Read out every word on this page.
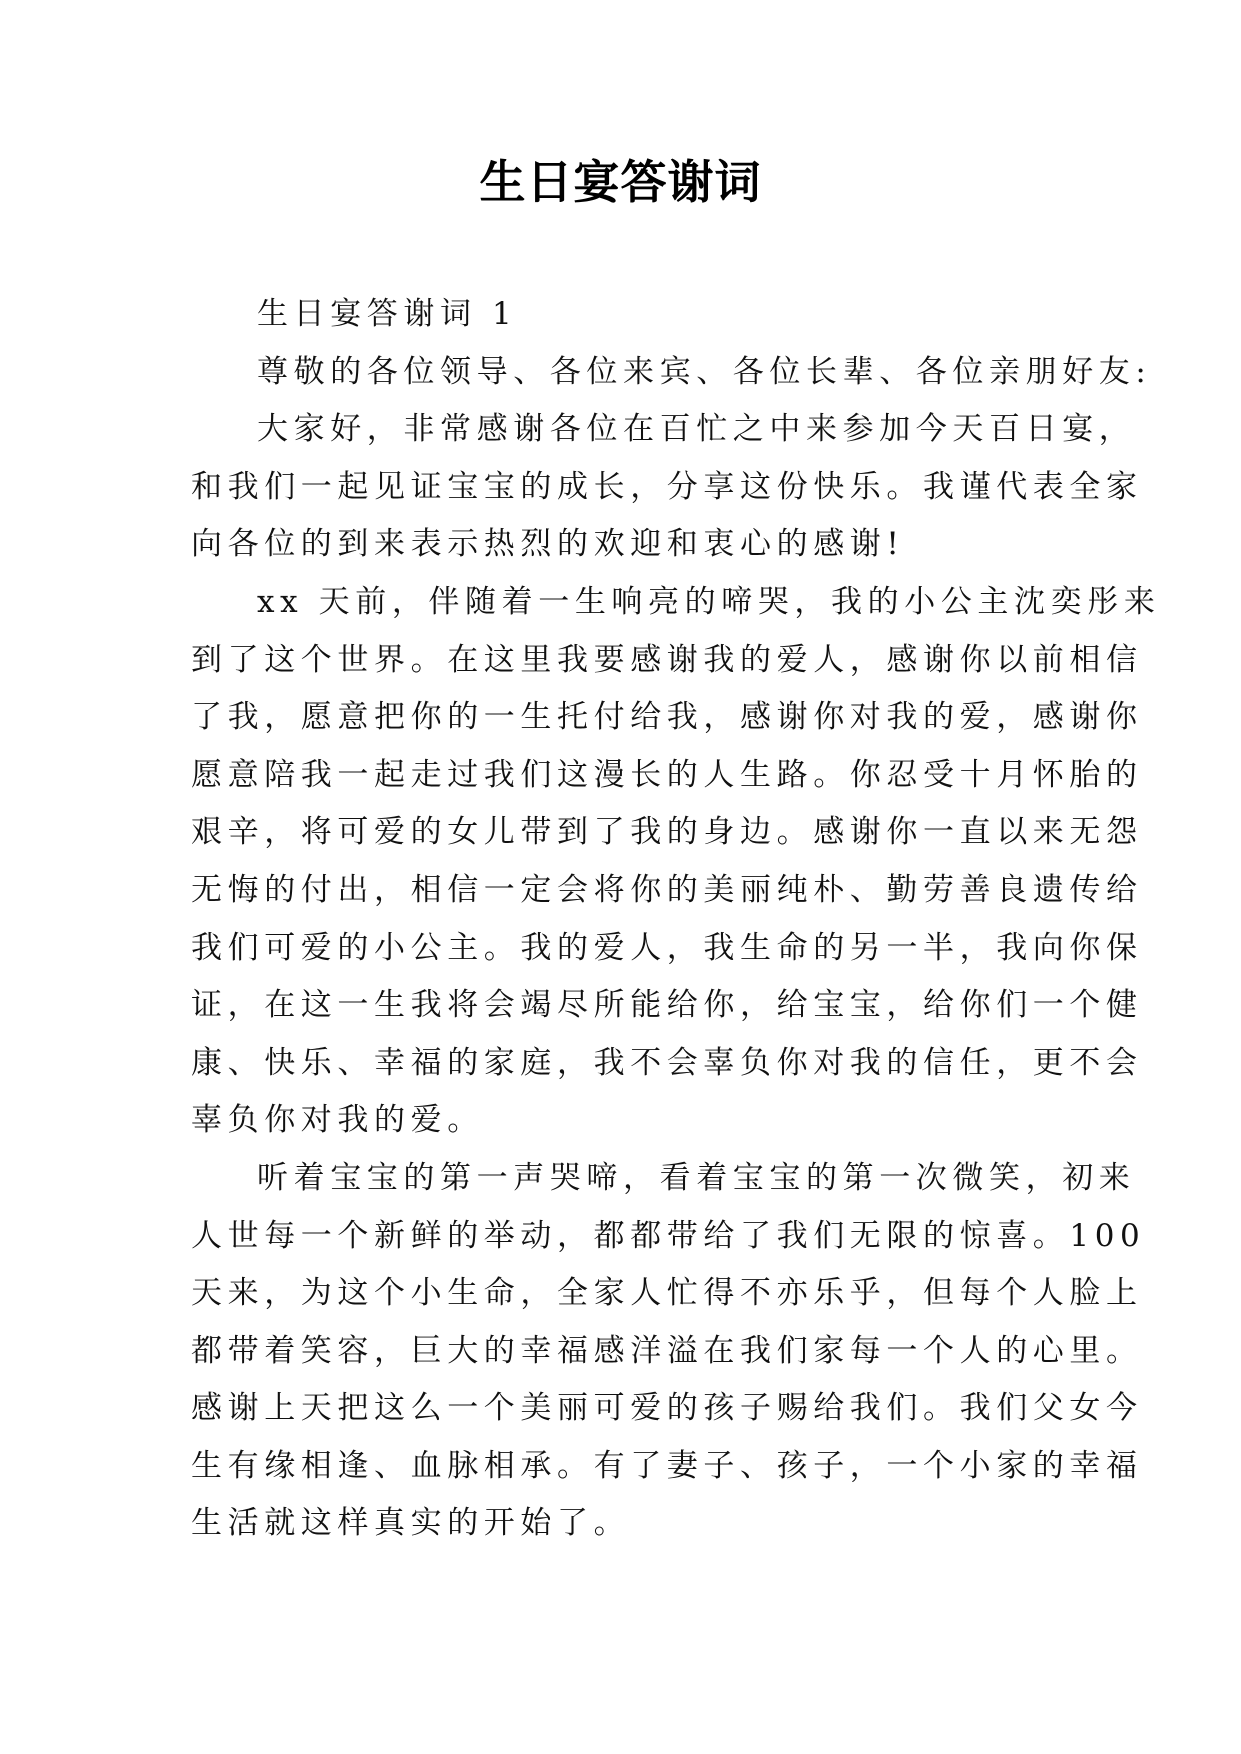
生日宴答谢词
生日宴答谢词 1
尊敬的各位领导、各位来宾、各位长辈、各位亲朋好友:
大家好，非常感谢各位在百忙之中来参加今天百日宴，
和我们一起见证宝宝的成长，分享这份快乐。我谨代表全家
向各位的到来表示热烈的欢迎和衷心的感谢!
xx 天前，伴随着一生响亮的啼哭，我的小公主沈奕彤来
到了这个世界。在这里我要感谢我的爱人，感谢你以前相信
了我，愿意把你的一生托付给我，感谢你对我的爱，感谢你
愿意陪我一起走过我们这漫长的人生路。你忍受十月怀胎的
艰辛，将可爱的女儿带到了我的身边。感谢你一直以来无怨
无悔的付出，相信一定会将你的美丽纯朴、勤劳善良遗传给
我们可爱的小公主。我的爱人，我生命的另一半，我向你保
证，在这一生我将会竭尽所能给你，给宝宝，给你们一个健
康、快乐、幸福的家庭，我不会辜负你对我的信任，更不会
辜负你对我的爱。
听着宝宝的第一声哭啼，看着宝宝的第一次微笑，初来
人世每一个新鲜的举动，都都带给了我们无限的惊喜。100
天来，为这个小生命，全家人忙得不亦乐乎，但每个人脸上
都带着笑容，巨大的幸福感洋溢在我们家每一个人的心里。
感谢上天把这么一个美丽可爱的孩子赐给我们。我们父女今
生有缘相逢、血脉相承。有了妻子、孩子，一个小家的幸福
生活就这样真实的开始了。
